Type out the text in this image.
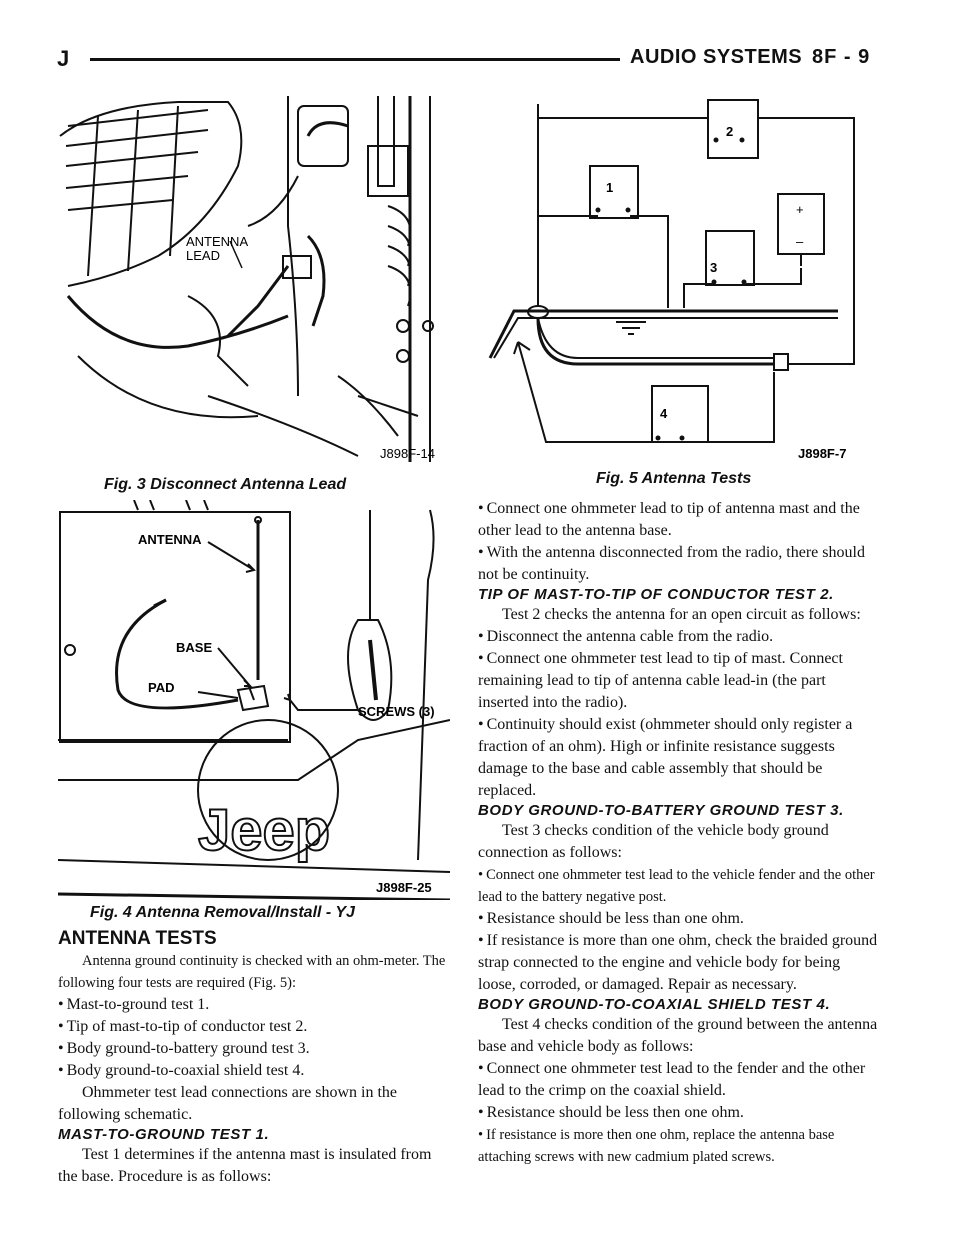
J	AUDIO SYSTEMS 8F - 9
ANTENNA
LEAD
J898F-14
Fig. 3 Disconnect Antenna Lead
2
1
3
4
+
–
J898F-7
Fig. 5 Antenna Tests
ANTENNA
BASE
PAD
SCREWS (3)
Jeep
J898F-25
Fig. 4 Antenna Removal/Install - YJ

ANTENNA TESTS

Antenna ground continuity is checked with an ohm-meter. The following four tests are required (Fig. 5):

• Mast-to-ground test 1.

• Tip of mast-to-tip of conductor test 2.

• Body ground-to-battery ground test 3.

• Body ground-to-coaxial shield test 4.

Ohmmeter test lead connections are shown in the following schematic.

MAST-TO-GROUND TEST 1.

Test 1 determines if the antenna mast is insulated from the base. Procedure is as follows:

• Connect one ohmmeter lead to tip of antenna mast and the other lead to the antenna base.

• With the antenna disconnected from the radio, there should not be continuity.

TIP OF MAST-TO-TIP OF CONDUCTOR TEST 2.

Test 2 checks the antenna for an open circuit as follows:

• Disconnect the antenna cable from the radio.

• Connect one ohmmeter test lead to tip of mast. Connect remaining lead to tip of antenna cable lead-in (the part inserted into the radio).

• Continuity should exist (ohmmeter should only register a fraction of an ohm). High or infinite resistance suggests damage to the base and cable assembly that should be replaced.

BODY GROUND-TO-BATTERY GROUND TEST 3.

Test 3 checks condition of the vehicle body ground connection as follows:

• Connect one ohmmeter test lead to the vehicle fender and the other lead to the battery negative post.

• Resistance should be less than one ohm.

• If resistance is more than one ohm, check the braided ground strap connected to the engine and vehicle body for being loose, corroded, or damaged. Repair as necessary.

BODY GROUND-TO-COAXIAL SHIELD TEST 4.

Test 4 checks condition of the ground between the antenna base and vehicle body as follows:

• Connect one ohmmeter test lead to the fender and the other lead to the crimp on the coaxial shield.

• Resistance should be less then one ohm.

• If resistance is more then one ohm, replace the antenna base attaching screws with new cadmium plated screws.
